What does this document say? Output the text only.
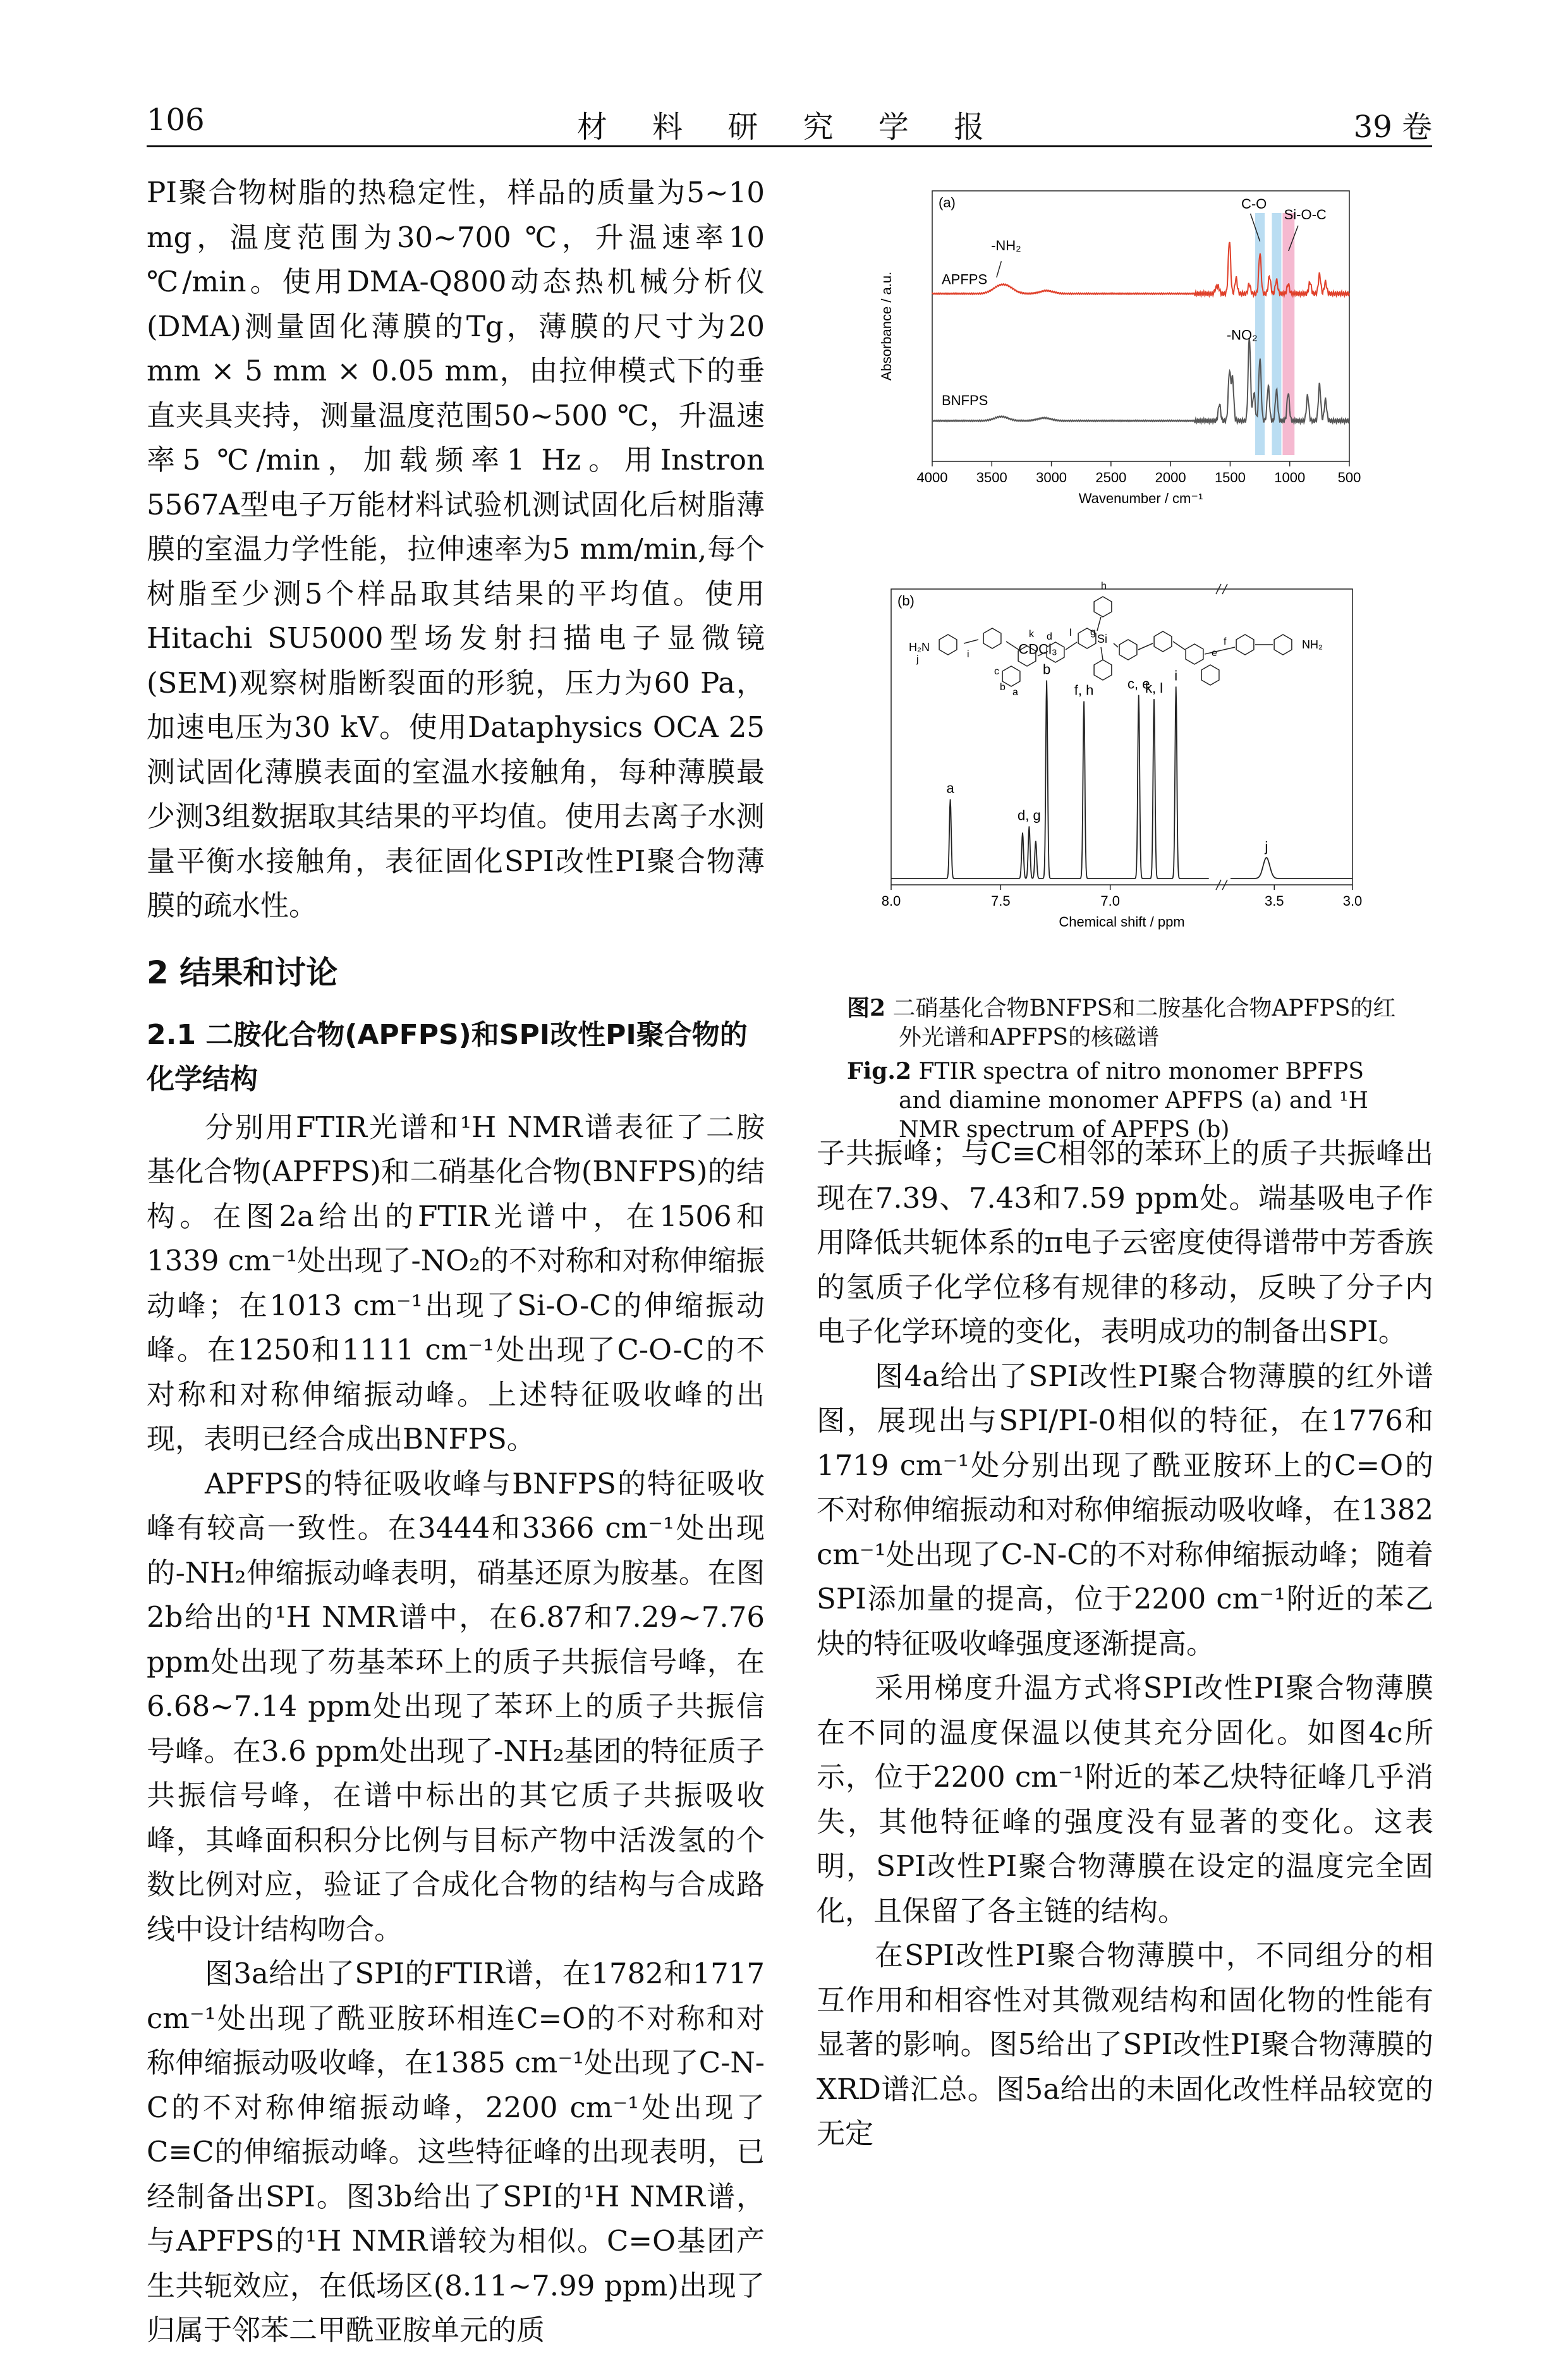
106	材 料 研 究 学 报	39 卷

PI聚合物树脂的热稳定性，样品的质量为5~10 mg，温度范围为30~700 ℃，升温速率10 ℃/min。使用DMA-Q800动态热机械分析仪(DMA)测量固化薄膜的Tg，薄膜的尺寸为20 mm × 5 mm × 0.05 mm，由拉伸模式下的垂直夹具夹持，测量温度范围50~500 ℃，升温速率5 ℃/min，加载频率1 Hz。用Instron 5567A型电子万能材料试验机测试固化后树脂薄膜的室温力学性能，拉伸速率为5 mm/min,每个树脂至少测5个样品取其结果的平均值。使用Hitachi SU5000型场发射扫描电子显微镜(SEM)观察树脂断裂面的形貌，压力为60 Pa，加速电压为30 kV。使用Dataphysics OCA 25测试固化薄膜表面的室温水接触角，每种薄膜最少测3组数据取其结果的平均值。使用去离子水测量平衡水接触角，表征固化SPI改性PI聚合物薄膜的疏水性。

2 结果和讨论

2.1 二胺化合物(APFPS)和SPI改性PI聚合物的化学结构

分别用FTIR光谱和¹H NMR谱表征了二胺基化合物(APFPS)和二硝基化合物(BNFPS)的结构。在图2a给出的FTIR光谱中，在1506和1339 cm⁻¹处出现了-NO₂的不对称和对称伸缩振动峰；在1013 cm⁻¹出现了Si-O-C的伸缩振动峰。在1250和1111 cm⁻¹处出现了C-O-C的不对称和对称伸缩振动峰。上述特征吸收峰的出现，表明已经合成出BNFPS。

APFPS的特征吸收峰与BNFPS的特征吸收峰有较高一致性。在3444和3366 cm⁻¹处出现的-NH₂伸缩振动峰表明，硝基还原为胺基。在图2b给出的¹H NMR谱中，在6.87和7.29~7.76 ppm处出现了芴基苯环上的质子共振信号峰，在6.68~7.14 ppm处出现了苯环上的质子共振信号峰。在3.6 ppm处出现了-NH₂基团的特征质子共振信号峰，在谱中标出的其它质子共振吸收峰，其峰面积积分比例与目标产物中活泼氢的个数比例对应，验证了合成化合物的结构与合成路线中设计结构吻合。

图3a给出了SPI的FTIR谱，在1782和1717 cm⁻¹处出现了酰亚胺环相连C=O的不对称和对称伸缩振动吸收峰，在1385 cm⁻¹处出现了C-N-C的不对称伸缩振动峰，2200 cm⁻¹处出现了C≡C的伸缩振动峰。这些特征峰的出现表明，已经制备出SPI。图3b给出了SPI的¹H NMR谱，与APFPS的¹H NMR谱较为相似。C=O基团产生共轭效应，在低场区(8.11~7.99 ppm)出现了归属于邻苯二甲酰亚胺单元的质

子共振峰；与C≡C相邻的苯环上的质子共振峰出现在7.39、7.43和7.59 ppm处。端基吸电子作用降低共轭体系的π电子云密度使得谱带中芳香族的氢质子化学位移有规律的移动，反映了分子内电子化学环境的变化，表明成功的制备出SPI。

图4a给出了SPI改性PI聚合物薄膜的红外谱图，展现出与SPI/PI-0相似的特征，在1776和1719 cm⁻¹处分别出现了酰亚胺环上的C=O的不对称伸缩振动和对称伸缩振动吸收峰，在1382 cm⁻¹处出现了C-N-C的不对称伸缩振动峰；随着SPI添加量的提高，位于2200 cm⁻¹附近的苯乙炔的特征吸收峰强度逐渐提高。

采用梯度升温方式将SPI改性PI聚合物薄膜在不同的温度保温以使其充分固化。如图4c所示，位于2200 cm⁻¹附近的苯乙炔特征峰几乎消失，其他特征峰的强度没有显著的变化。这表明，SPI改性PI聚合物薄膜在设定的温度完全固化，且保留了各主链的结构。

在SPI改性PI聚合物薄膜中，不同组分的相互作用和相容性对其微观结构和固化物的性能有显著的影响。图5给出了SPI改性PI聚合物薄膜的XRD谱汇总。图5a给出的未固化改性样品较宽的无定

4000 3500 3000 2500 2000 1500 1000 500
Wavenumber / cm⁻¹
Absorbance / a.u.
(a)
APFPS
BNFPS
-NH₂
-NO₂
C-O
Si-O-C
8.0	7.5	7.0	3.5	3.0
Chemical shift / ppm
(b)
a
d, g
b
f, h c, e
k, l
i
j
CDCl₃
H₂N	NH₂
Si
a
b
c
d
e
f
g
h
i
j
k	l
图2 二硝基化合物BNFPS和二胺基化合物APFPS的红外光谱和APFPS的核磁谱
Fig.2 FTIR spectra of nitro monomer BPFPS and diamine monomer APFPS (a) and ¹H NMR spectrum of APFPS (b)
